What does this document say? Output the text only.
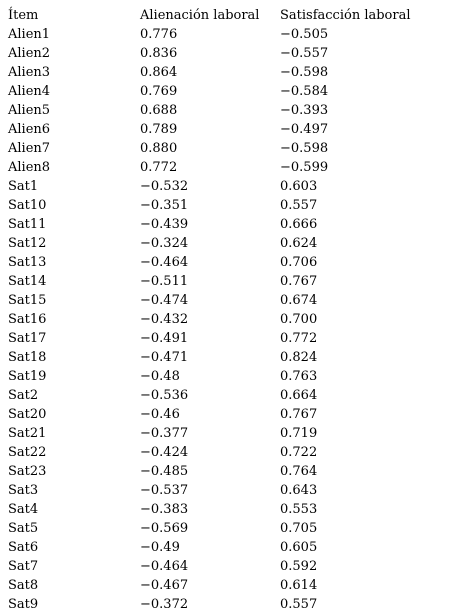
Ítem	Alienación laboral	Satisfacción laboral
Alien1	0.776	−0.505
Alien2	0.836	−0.557
Alien3	0.864	−0.598
Alien4	0.769	−0.584
Alien5	0.688	−0.393
Alien6	0.789	−0.497
Alien7	0.880	−0.598
Alien8	0.772	−0.599
Sat1	−0.532	0.603
Sat10	−0.351	0.557
Sat11	−0.439	0.666
Sat12	−0.324	0.624
Sat13	−0.464	0.706
Sat14	−0.511	0.767
Sat15	−0.474	0.674
Sat16	−0.432	0.700
Sat17	−0.491	0.772
Sat18	−0.471	0.824
Sat19	−0.48	0.763
Sat2	−0.536	0.664
Sat20	−0.46	0.767
Sat21	−0.377	0.719
Sat22	−0.424	0.722
Sat23	−0.485	0.764
Sat3	−0.537	0.643
Sat4	−0.383	0.553
Sat5	−0.569	0.705
Sat6	−0.49	0.605
Sat7	−0.464	0.592
Sat8	−0.467	0.614
Sat9	−0.372	0.557
